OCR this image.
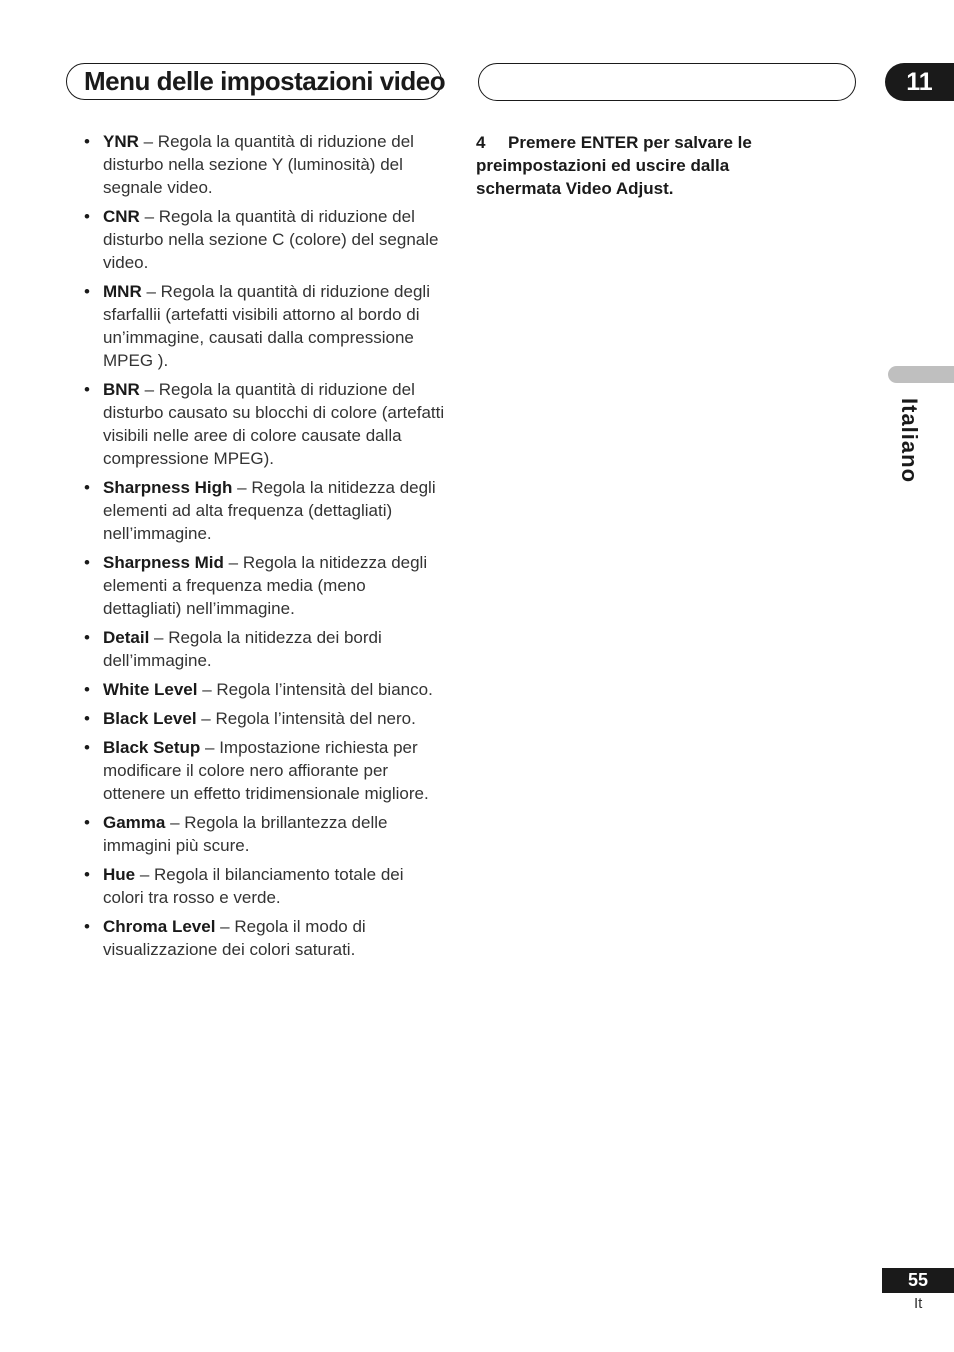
Menu delle impostazioni video	11
Italiano
• YNR – Regola la quantità di riduzione del disturbo nella sezione Y (luminosità) del segnale video.
• CNR – Regola la quantità di riduzione del disturbo nella sezione C (colore) del segnale video.
• MNR – Regola la quantità di riduzione degli sfarfallii (artefatti visibili attorno al bordo di un’immagine, causati dalla compressione MPEG ).
• BNR – Regola la quantità di riduzione del disturbo causato su blocchi di colore (artefatti visibili nelle aree di colore causate dalla compressione MPEG).
• Sharpness High – Regola la nitidezza degli elementi ad alta frequenza (dettagliati) nell’immagine.
• Sharpness Mid – Regola la nitidezza degli elementi a frequenza media (meno dettagliati) nell’immagine.
• Detail – Regola la nitidezza dei bordi dell’immagine.
• White Level – Regola l’intensità del bianco.
• Black Level – Regola l’intensità del nero.
• Black Setup – Impostazione richiesta per modificare il colore nero affiorante per ottenere un effetto tridimensionale migliore.
• Gamma – Regola la brillantezza delle immagini più scure.
• Hue – Regola il bilanciamento totale dei colori tra rosso e verde.
• Chroma Level – Regola il modo di visualizzazione dei colori saturati.
4 Premere ENTER per salvare le preimpostazioni ed uscire dalla schermata Video Adjust.
55
It
